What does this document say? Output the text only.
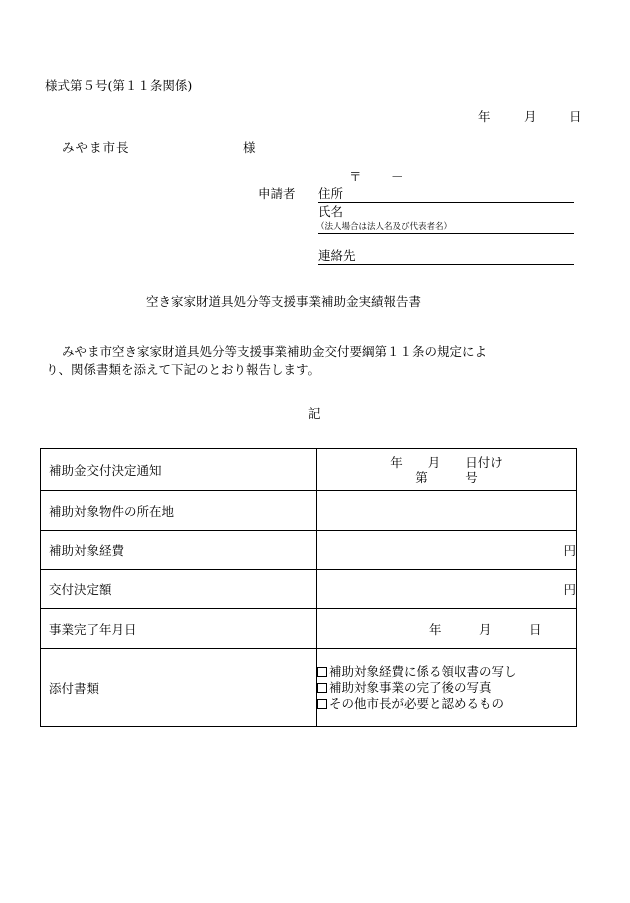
様式第５号(第１１条関係)
年	月	日
みやま市長	様
〒 －
申請者 住所
氏名
（法人場合は法人名及び代表者名）
連絡先
空き家家財道具処分等支援事業補助金実績報告書
みやま市空き家家財道具処分等支援事業補助金交付要綱第１１条の規定によ
り、関係書類を添えて下記のとおり報告します。
記
補助金交付決定通知	年　　月　　日付け
第　　　号

補助対象物件の所在地	
補助対象経費	円
交付決定額	円
事業完了年月日	年　　　月　　　日
添付書類	補助対象経費に係る領収書の写し
補助対象事業の完了後の写真
その他市長が必要と認めるもの
